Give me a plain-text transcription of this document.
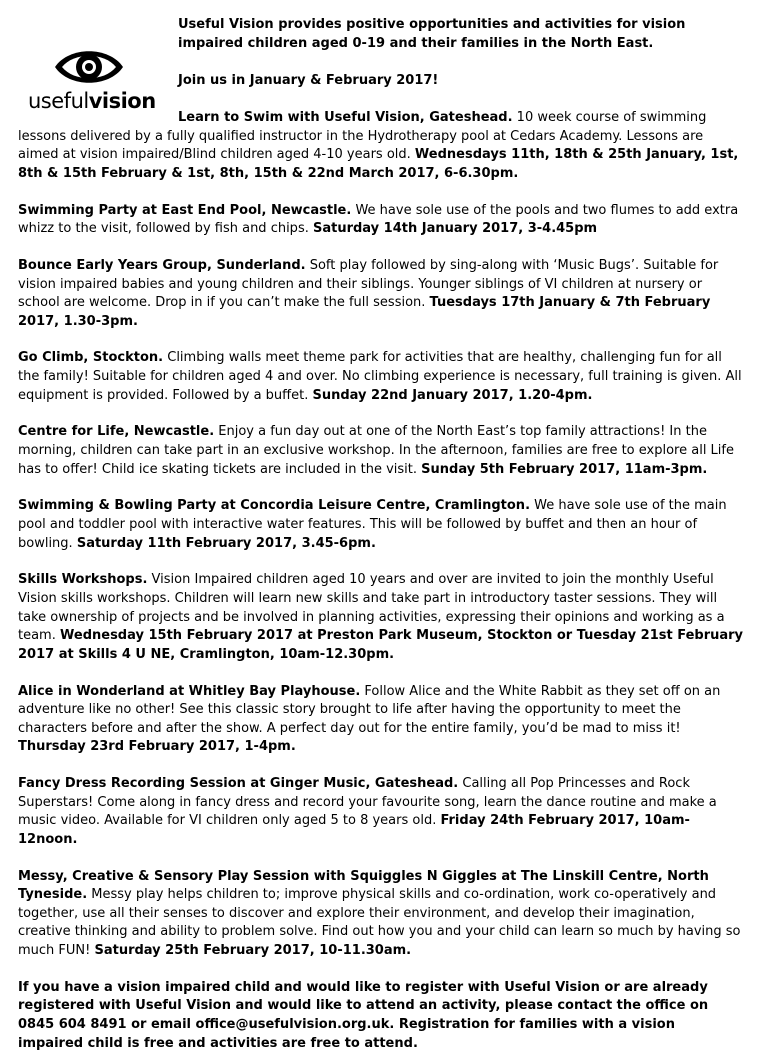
usefulvision

Useful Vision provides positive opportunities and activities for vision impaired children aged 0-19 and their families in the North East.

Join us in January & February 2017!

Learn to Swim with Useful Vision, Gateshead. 10 week course of swimming lessons delivered by a fully qualified instructor in the Hydrotherapy pool at Cedars Academy. Lessons are aimed at vision impaired/Blind children aged 4-10 years old. Wednesdays 11th, 18th & 25th January, 1st, 8th & 15th February & 1st, 8th, 15th & 22nd March 2017, 6-6.30pm.

Swimming Party at East End Pool, Newcastle. We have sole use of the pools and two flumes to add extra whizz to the visit, followed by fish and chips. Saturday 14th January 2017, 3-4.45pm

Bounce Early Years Group, Sunderland. Soft play followed by sing-along with ‘Music Bugs’. Suitable for vision impaired babies and young children and their siblings. Younger siblings of VI children at nursery or school are welcome. Drop in if you can’t make the full session. Tuesdays 17th January & 7th February 2017, 1.30-3pm.

Go Climb, Stockton. Climbing walls meet theme park for activities that are healthy, challenging fun for all the family! Suitable for children aged 4 and over. No climbing experience is necessary, full training is given. All equipment is provided. Followed by a buffet. Sunday 22nd January 2017, 1.20-4pm.

Centre for Life, Newcastle. Enjoy a fun day out at one of the North East’s top family attractions! In the morning, children can take part in an exclusive workshop. In the afternoon, families are free to explore all Life has to offer! Child ice skating tickets are included in the visit. Sunday 5th February 2017, 11am-3pm.

Swimming & Bowling Party at Concordia Leisure Centre, Cramlington. We have sole use of the main pool and toddler pool with interactive water features. This will be followed by buffet and then an hour of bowling. Saturday 11th February 2017, 3.45-6pm.

Skills Workshops. Vision Impaired children aged 10 years and over are invited to join the monthly Useful Vision skills workshops. Children will learn new skills and take part in introductory taster sessions. They will take ownership of projects and be involved in planning activities, expressing their opinions and working as a team. Wednesday 15th February 2017 at Preston Park Museum, Stockton or Tuesday 21st February 2017 at Skills 4 U NE, Cramlington, 10am-12.30pm.

Alice in Wonderland at Whitley Bay Playhouse. Follow Alice and the White Rabbit as they set off on an adventure like no other! See this classic story brought to life after having the opportunity to meet the characters before and after the show. A perfect day out for the entire family, you’d be mad to miss it! Thursday 23rd February 2017, 1-4pm.

Fancy Dress Recording Session at Ginger Music, Gateshead. Calling all Pop Princesses and Rock Superstars! Come along in fancy dress and record your favourite song, learn the dance routine and make a music video. Available for VI children only aged 5 to 8 years old. Friday 24th February 2017, 10am-12noon.

Messy, Creative & Sensory Play Session with Squiggles N Giggles at The Linskill Centre, North Tyneside. Messy play helps children to; improve physical skills and co-ordination, work co-operatively and together, use all their senses to discover and explore their environment, and develop their imagination, creative thinking and ability to problem solve. Find out how you and your child can learn so much by having so much FUN! Saturday 25th February 2017, 10-11.30am.

If you have a vision impaired child and would like to register with Useful Vision or are already registered with Useful Vision and would like to attend an activity, please contact the office on 0845 604 8491 or email office@usefulvision.org.uk. Registration for families with a vision impaired child is free and activities are free to attend.
